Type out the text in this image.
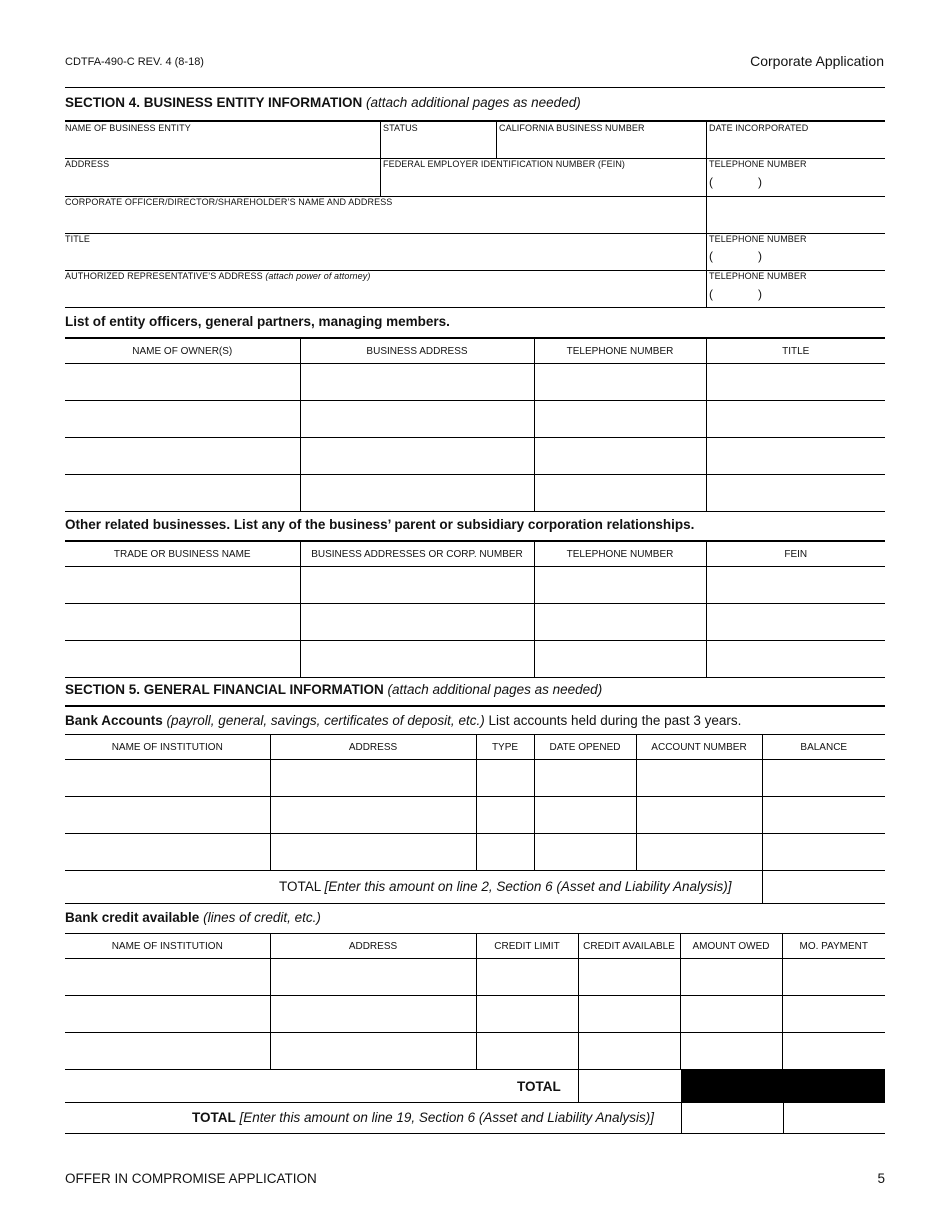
CDTFA-490-C REV. 4 (8-18)	Corporate Application
SECTION 4. BUSINESS ENTITY INFORMATION (attach additional pages as needed)
NAME OF BUSINESS ENTITY	STATUS	CALIFORNIA BUSINESS NUMBER	DATE INCORPORATED
ADDRESS	FEDERAL EMPLOYER IDENTIFICATION NUMBER (FEIN)	TELEPHONE NUMBER
(	)
CORPORATE OFFICER/DIRECTOR/SHAREHOLDER’S NAME AND ADDRESS
TITLE	TELEPHONE NUMBER
(	)
AUTHORIZED REPRESENTATIVE’S ADDRESS (attach power of attorney)	TELEPHONE NUMBER
(	)
List of entity officers, general partners, managing members.
NAME OF OWNER(S)	BUSINESS ADDRESS	TELEPHONE NUMBER	TITLE

Other related businesses. List any of the business’ parent or subsidiary corporation relationships.
TRADE OR BUSINESS NAME	BUSINESS ADDRESSES OR CORP. NUMBER	TELEPHONE NUMBER	FEIN

SECTION 5. GENERAL FINANCIAL INFORMATION (attach additional pages as needed)
Bank Accounts (payroll, general, savings, certificates of deposit, etc.) List accounts held during the past 3 years.
NAME OF INSTITUTION	ADDRESS	TYPE	DATE OPENED	ACCOUNT NUMBER	BALANCE

TOTAL [Enter this amount on line 2, Section 6 (Asset and Liability Analysis)]
Bank credit available (lines of credit, etc.)
NAME OF INSTITUTION	ADDRESS	CREDIT LIMIT	CREDIT AVAILABLE	AMOUNT OWED	MO. PAYMENT

TOTAL
TOTAL [Enter this amount on line 19, Section 6 (Asset and Liability Analysis)]
OFFER IN COMPROMISE APPLICATION	5
